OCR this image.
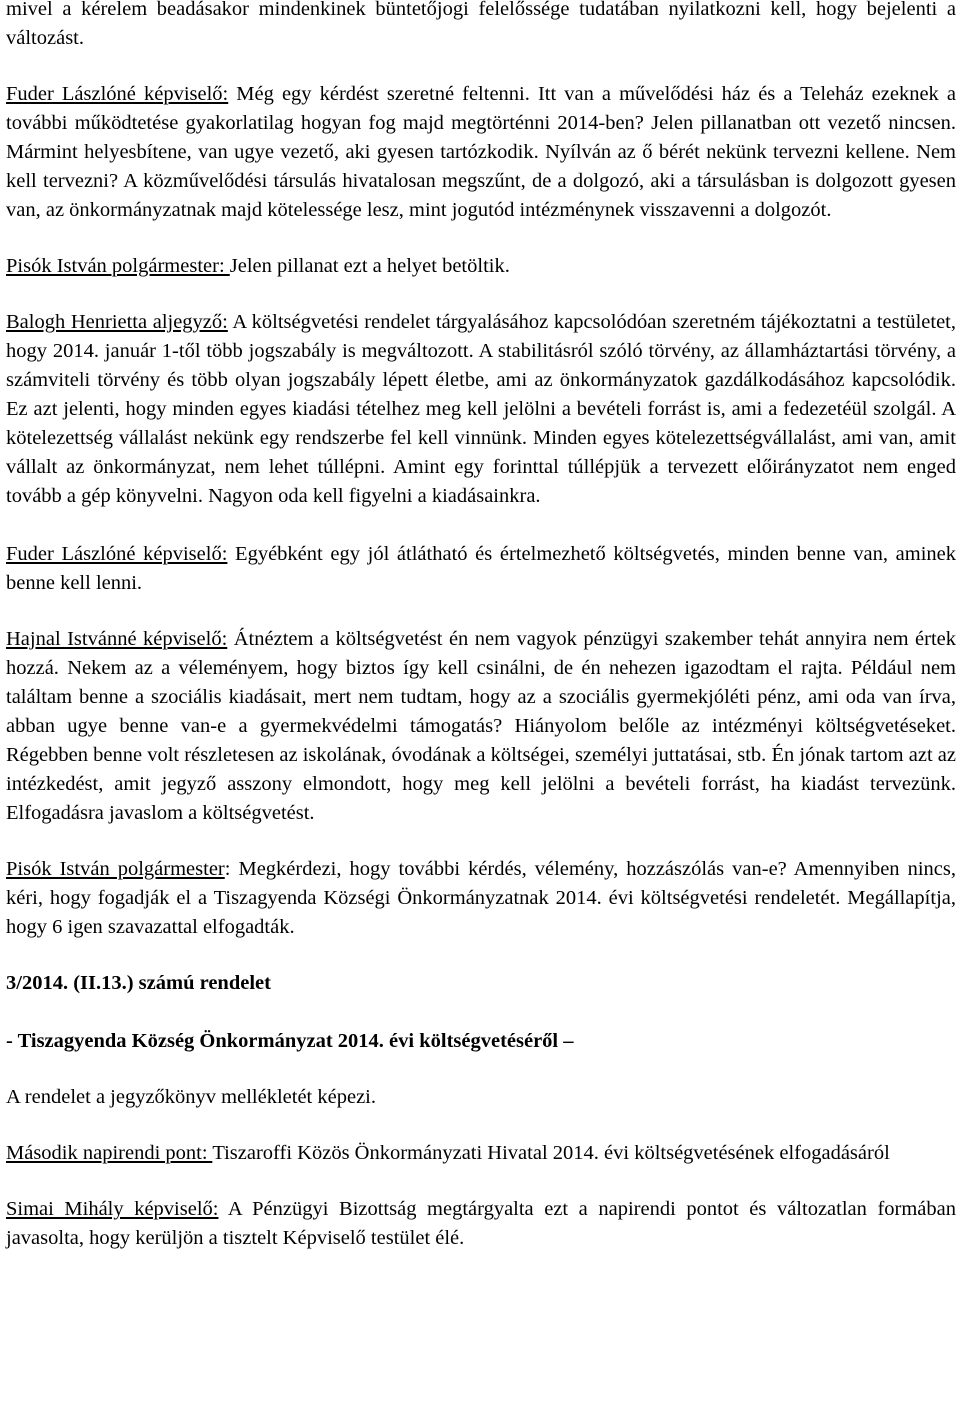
mivel a kérelem beadásakor mindenkinek büntetőjogi felelőssége tudatában nyilatkozni kell, hogy bejelenti a változást.

Fuder Lászlóné képviselő: Még egy kérdést szeretné feltenni. Itt van a művelődési ház és a Teleház ezeknek a további működtetése gyakorlatilag hogyan fog majd megtörténni 2014-ben? Jelen pillanatban ott vezető nincsen. Mármint helyesbítene, van ugye vezető, aki gyesen tartózkodik. Nyílván az ő bérét nekünk tervezni kellene. Nem kell tervezni? A közművelődési társulás hivatalosan megszűnt, de a dolgozó, aki a társulásban is dolgozott gyesen van, az önkormányzatnak majd kötelessége lesz, mint jogutód intézménynek visszavenni a dolgozót.

Pisók István polgármester: Jelen pillanat ezt a helyet betöltik.

Balogh Henrietta aljegyző: A költségvetési rendelet tárgyalásához kapcsolódóan szeretném tájékoztatni a testületet, hogy 2014. január 1-től több jogszabály is megváltozott. A stabilitásról szóló törvény, az államháztartási törvény, a számviteli törvény és több olyan jogszabály lépett életbe, ami az önkormányzatok gazdálkodásához kapcsolódik. Ez azt jelenti, hogy minden egyes kiadási tételhez meg kell jelölni a bevételi forrást is, ami a fedezetéül szolgál. A kötelezettség vállalást nekünk egy rendszerbe fel kell vinnünk. Minden egyes kötelezettségvállalást, ami van, amit vállalt az önkormányzat, nem lehet túllépni. Amint egy forinttal túllépjük a tervezett előirányzatot nem enged tovább a gép könyvelni. Nagyon oda kell figyelni a kiadásainkra.

Fuder Lászlóné képviselő: Egyébként egy jól átlátható és értelmezhető költségvetés, minden benne van, aminek benne kell lenni.

Hajnal Istvánné képviselő: Átnéztem a költségvetést én nem vagyok pénzügyi szakember tehát annyira nem értek hozzá. Nekem az a véleményem, hogy biztos így kell csinálni, de én nehezen igazodtam el rajta. Például nem találtam benne a szociális kiadásait, mert nem tudtam, hogy az a szociális gyermekjóléti pénz, ami oda van írva, abban ugye benne van-e a gyermekvédelmi támogatás? Hiányolom belőle az intézményi költségvetéseket. Régebben benne volt részletesen az iskolának, óvodának a költségei, személyi juttatásai, stb. Én jónak tartom azt az intézkedést, amit jegyző asszony elmondott, hogy meg kell jelölni a bevételi forrást, ha kiadást tervezünk. Elfogadásra javaslom a költségvetést.

Pisók István polgármester: Megkérdezi, hogy további kérdés, vélemény, hozzászólás van-e? Amennyiben nincs, kéri, hogy fogadják el a Tiszagyenda Községi Önkormányzatnak 2014. évi költségvetési rendeletét. Megállapítja, hogy 6 igen szavazattal elfogadták.

3/2014. (II.13.) számú rendelet

- Tiszagyenda Község Önkormányzat 2014. évi költségvetéséről –

A rendelet a jegyzőkönyv mellékletét képezi.

Második napirendi pont: Tiszaroffi Közös Önkormányzati Hivatal 2014. évi költségvetésének elfogadásáról

Simai Mihály képviselő: A Pénzügyi Bizottság megtárgyalta ezt a napirendi pontot és változatlan formában javasolta, hogy kerüljön a tisztelt Képviselő testület élé.
